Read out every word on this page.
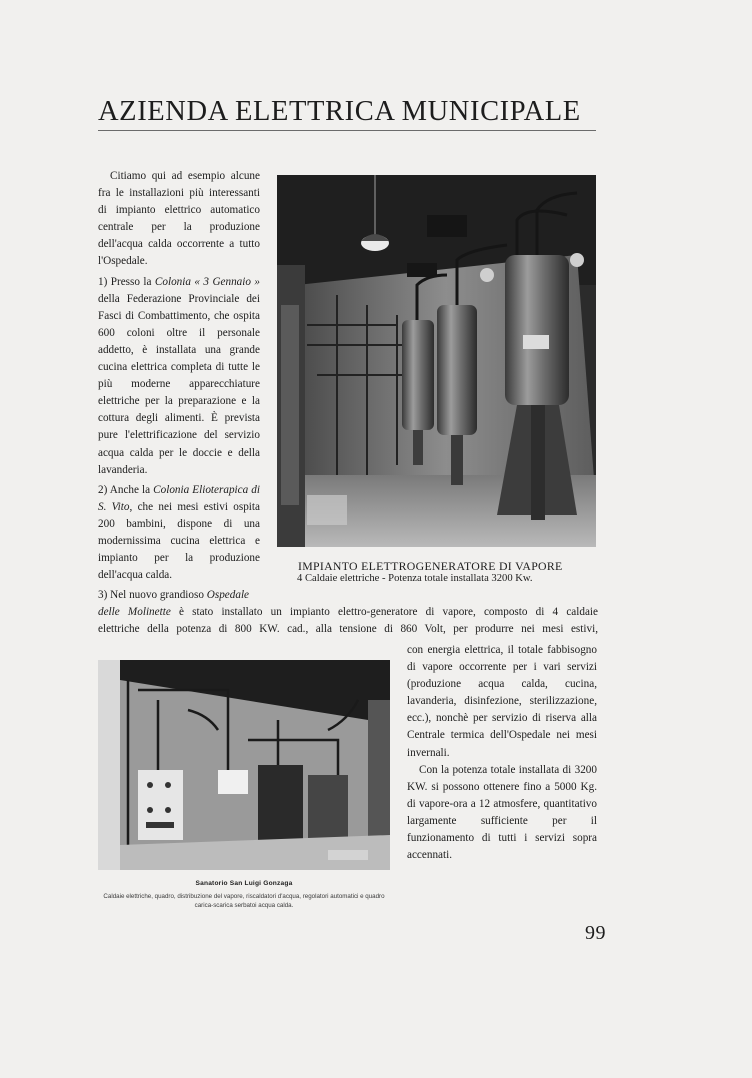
AZIENDA ELETTRICA MUNICIPALE

Citiamo qui ad esempio alcune fra le installazioni più interessanti di impianto elettrico automatico centrale per la produzione dell'acqua calda occorrente a tutto l'Ospedale.

1) Presso la Colonia « 3 Gennaio » della Federazione Provinciale dei Fasci di Combattimento, che ospita 600 coloni oltre il personale addetto, è installata una grande cucina elettrica completa di tutte le più moderne apparecchiature elettriche per la preparazione e la cottura degli alimenti. È prevista pure l'elettrificazione del servizio acqua calda per le doccie e della lavanderia.

2) Anche la Colonia Elioterapica di S. Vito, che nei mesi estivi ospita 200 bambini, dispone di una modernissima cucina elettrica e impianto per la produzione dell'acqua calda.

IMPIANTO ELETTROGENERATORE DI VAPORE
4 Caldaie elettriche - Potenza totale installata 3200 Kw.

3) Nel nuovo grandioso Ospedale

delle Molinette è stato installato un impianto elettro-generatore di vapore, composto di 4 caldaie

elettriche della potenza di 800 KW. cad., alla tensione di 860 Volt, per produrre nei mesi estivi,

con energia elettrica, il totale fabbisogno di vapore occorrente per i vari servizi (produzione acqua calda, cucina, lavanderia, disinfezione, sterilizzazione, ecc.), nonchè per servizio di riserva alla Centrale termica dell'Ospedale nei mesi invernali.

Con la potenza totale installata di 3200 KW. si possono ottenere fino a 5000 Kg. di vapore-ora a 12 atmosfere, quantitativo largamente sufficiente per il funzionamento di tutti i servizi sopra accennati.

Sanatorio San Luigi Gonzaga
Caldaie elettriche, quadro, distribuzione del vapore, riscaldatori d'acqua, regolatori automatici e quadro carica-scarica serbatoi acqua calda.
99
